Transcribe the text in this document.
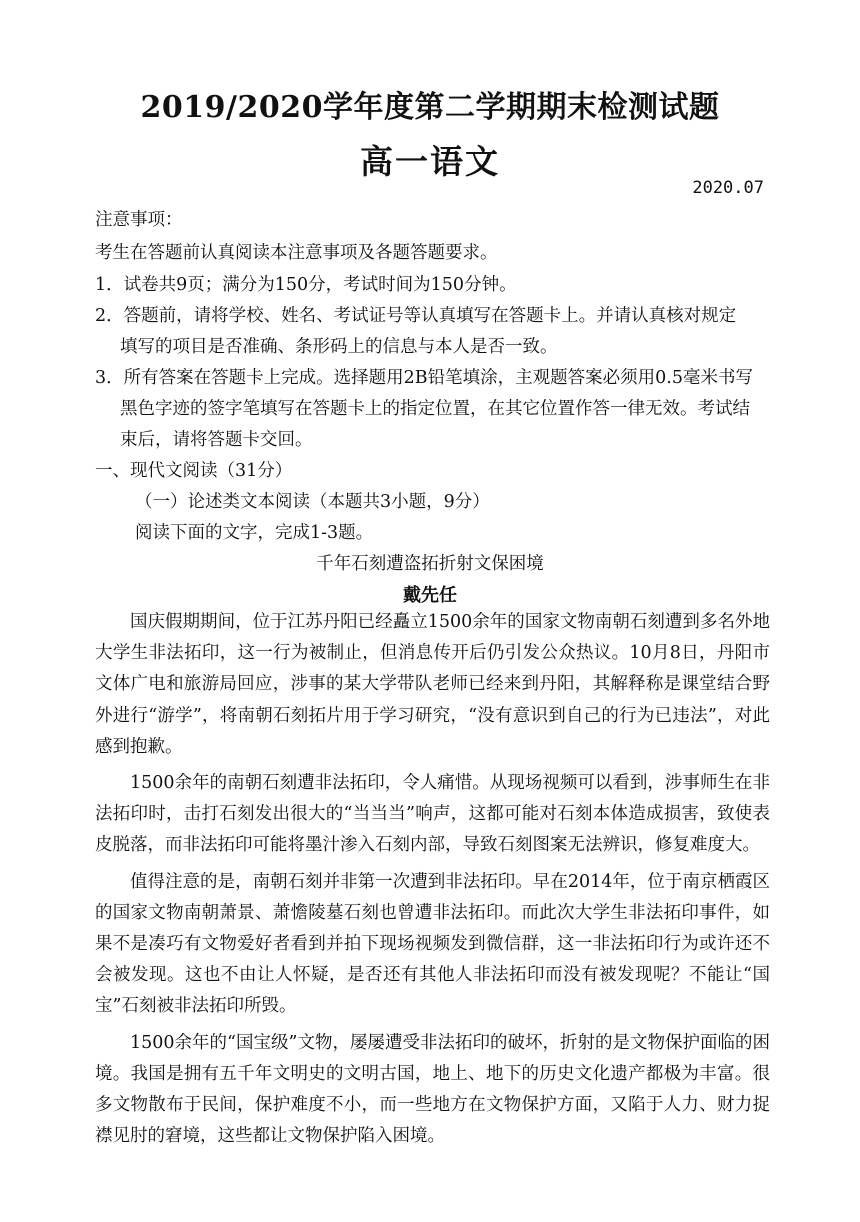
2019/2020学年度第二学期期末检测试题
高一语文
2020.07
注意事项：
考生在答题前认真阅读本注意事项及各题答题要求。
1．试卷共9页；满分为150分，考试时间为150分钟。
2．答题前，请将学校、姓名、考试证号等认真填写在答题卡上。并请认真核对规定
填写的项目是否准确、条形码上的信息与本人是否一致。
3．所有答案在答题卡上完成。选择题用2B铅笔填涂，主观题答案必须用0.5毫米书写
黑色字迹的签字笔填写在答题卡上的指定位置，在其它位置作答一律无效。考试结
束后，请将答题卡交回。
一、现代文阅读（31分）
（一）论述类文本阅读（本题共3小题，9分）
阅读下面的文字，完成1-3题。
千年石刻遭盗拓折射文保困境
戴先任

国庆假期期间，位于江苏丹阳已经矗立1500余年的国家文物南朝石刻遭到多名外地大学生非法拓印，这一行为被制止，但消息传开后仍引发公众热议。10月8日，丹阳市文体广电和旅游局回应，涉事的某大学带队老师已经来到丹阳，其解释称是课堂结合野外进行“游学”，将南朝石刻拓片用于学习研究，“没有意识到自己的行为已违法”，对此感到抱歉。

1500余年的南朝石刻遭非法拓印，令人痛惜。从现场视频可以看到，涉事师生在非法拓印时，击打石刻发出很大的“当当当”响声，这都可能对石刻本体造成损害，致使表皮脱落，而非法拓印可能将墨汁渗入石刻内部，导致石刻图案无法辨识，修复难度大。

值得注意的是，南朝石刻并非第一次遭到非法拓印。早在2014年，位于南京栖霞区的国家文物南朝萧景、萧憺陵墓石刻也曾遭非法拓印。而此次大学生非法拓印事件，如果不是凑巧有文物爱好者看到并拍下现场视频发到微信群，这一非法拓印行为或许还不会被发现。这也不由让人怀疑，是否还有其他人非法拓印而没有被发现呢？不能让“国宝”石刻被非法拓印所毁。

1500余年的“国宝级”文物，屡屡遭受非法拓印的破坏，折射的是文物保护面临的困境。我国是拥有五千年文明史的文明古国，地上、地下的历史文化遗产都极为丰富。很多文物散布于民间，保护难度不小，而一些地方在文物保护方面，又陷于人力、财力捉襟见肘的窘境，这些都让文物保护陷入困境。
